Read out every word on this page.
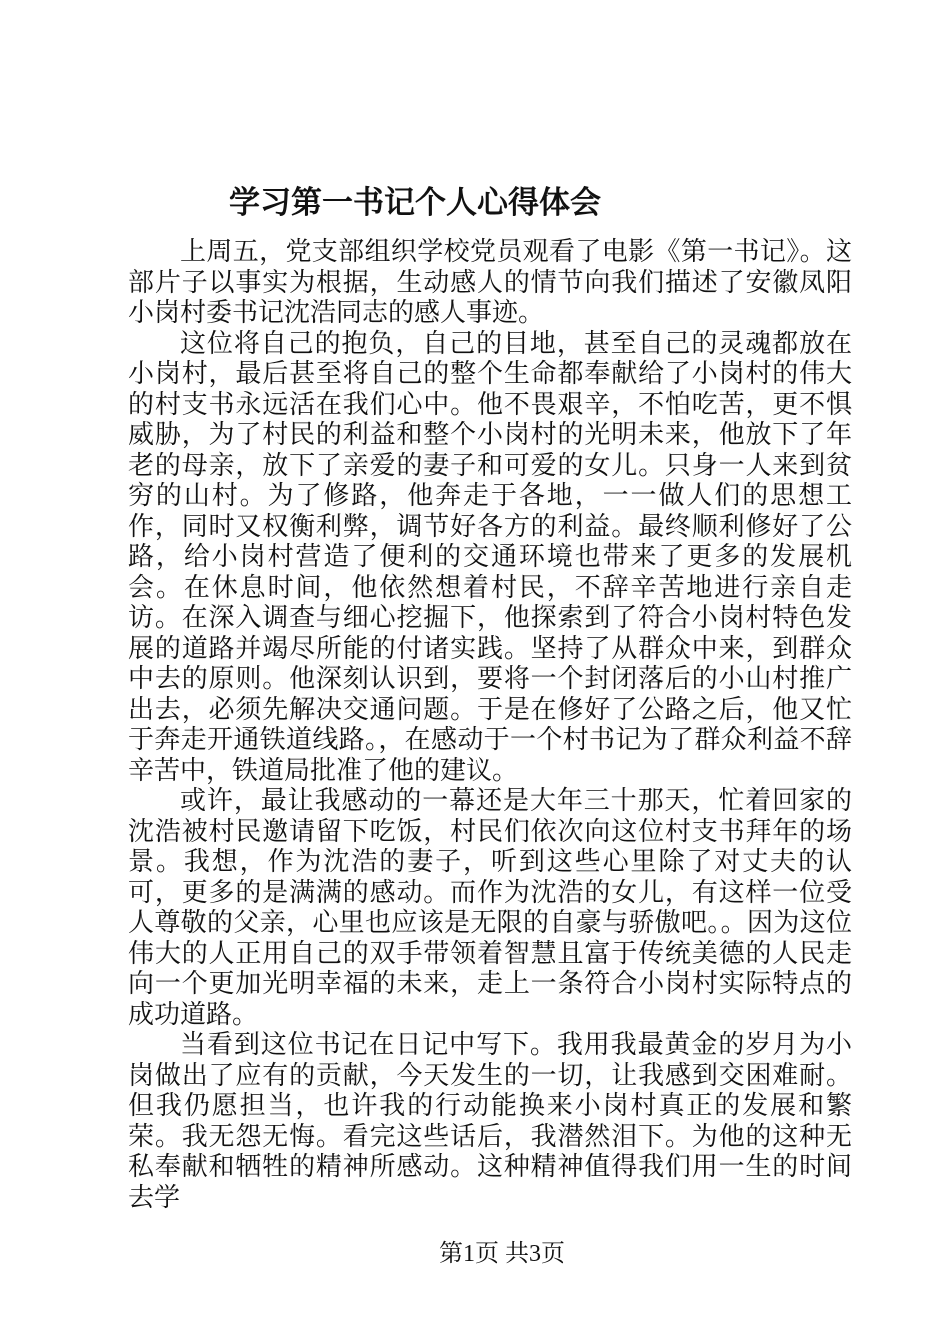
学习第一书记个人心得体会

上周五，党支部组织学校党员观看了电影《第一书记》。这部片子以事实为根据，生动感人的情节向我们描述了安徽凤阳小岗村委书记沈浩同志的感人事迹。

这位将自己的抱负，自己的目地，甚至自己的灵魂都放在小岗村，最后甚至将自己的整个生命都奉献给了小岗村的伟大的村支书永远活在我们心中。他不畏艰辛，不怕吃苦，更不惧威胁，为了村民的利益和整个小岗村的光明未来，他放下了年老的母亲，放下了亲爱的妻子和可爱的女儿。只身一人来到贫穷的山村。为了修路，他奔走于各地，一一做人们的思想工作，同时又权衡利弊，调节好各方的利益。最终顺利修好了公路，给小岗村营造了便利的交通环境也带来了更多的发展机会。在休息时间，他依然想着村民，不辞辛苦地进行亲自走访。在深入调查与细心挖掘下，他探索到了符合小岗村特色发展的道路并竭尽所能的付诸实践。坚持了从群众中来，到群众中去的原则。他深刻认识到，要将一个封闭落后的小山村推广出去，必须先解决交通问题。于是在修好了公路之后，他又忙于奔走开通铁道线路。，在感动于一个村书记为了群众利益不辞辛苦中，铁道局批准了他的建议。

或许，最让我感动的一幕还是大年三十那天，忙着回家的沈浩被村民邀请留下吃饭，村民们依次向这位村支书拜年的场景。我想，作为沈浩的妻子，听到这些心里除了对丈夫的认可，更多的是满满的感动。而作为沈浩的女儿，有这样一位受人尊敬的父亲，心里也应该是无限的自豪与骄傲吧。。因为这位伟大的人正用自己的双手带领着智慧且富于传统美德的人民走向一个更加光明幸福的未来，走上一条符合小岗村实际特点的成功道路。

当看到这位书记在日记中写下。我用我最黄金的岁月为小岗做出了应有的贡献，今天发生的一切，让我感到交困难耐。但我仍愿担当，也许我的行动能换来小岗村真正的发展和繁荣。我无怨无悔。看完这些话后，我潜然泪下。为他的这种无私奉献和牺牲的精神所感动。这种精神值得我们用一生的时间去学

第1页 共3页
